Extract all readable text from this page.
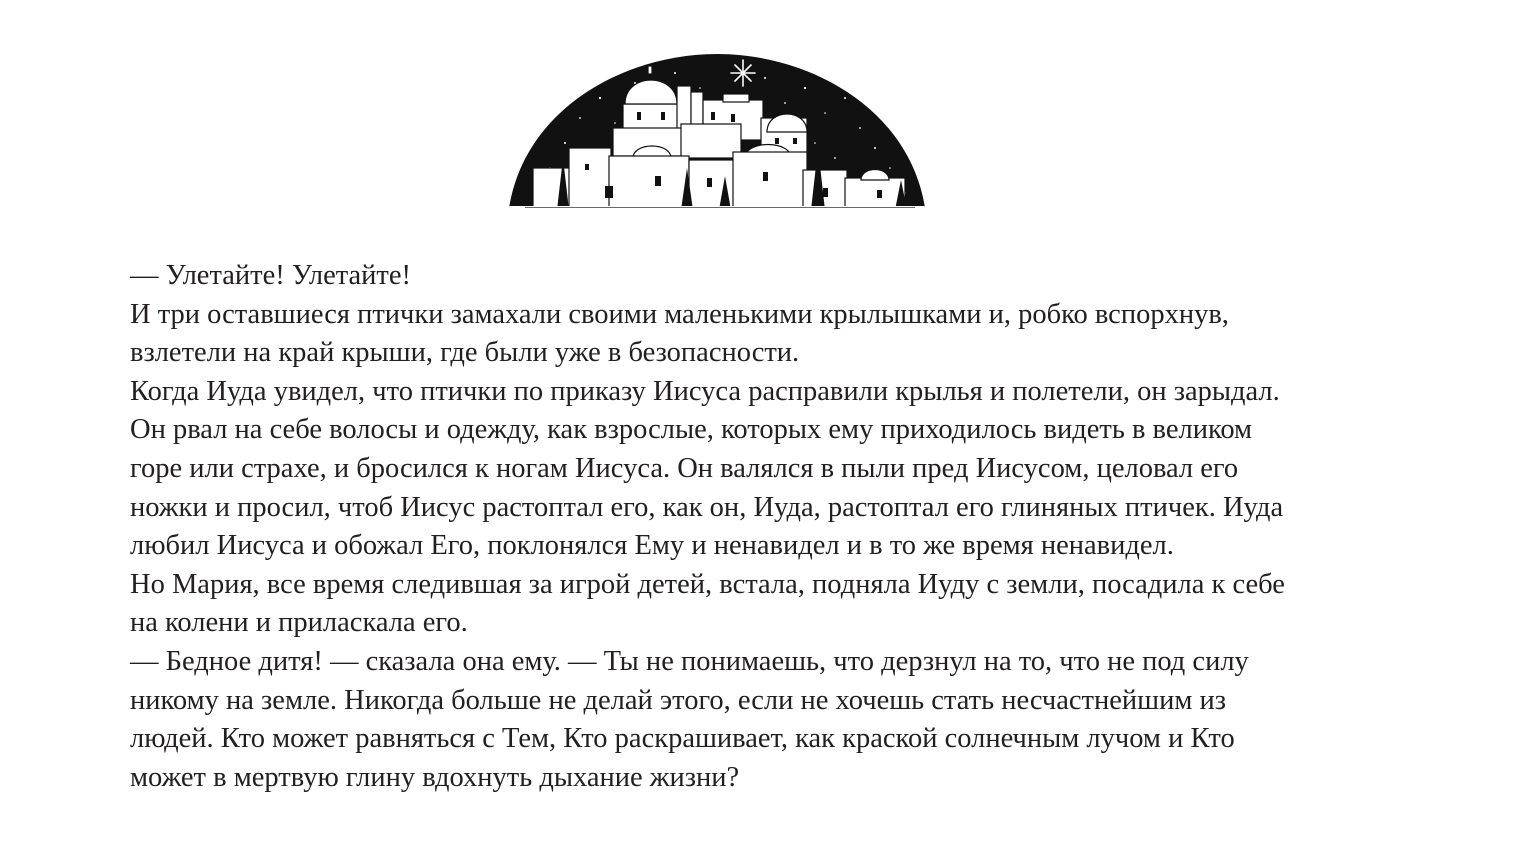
— Улетайте! Улетайте!
И три оставшиеся птички замахали своими маленькими крылышками и, робко вспорхнув,
взлетели на край крыши, где были уже в безопасности.
Когда Иуда увидел, что птички по приказу Иисуса расправили крылья и полетели, он зарыдал.
Он рвал на себе волосы и одежду, как взрослые, которых ему приходилось видеть в великом
горе или страхе, и бросился к ногам Иисуса. Он валялся в пыли пред Иисусом, целовал его
ножки и просил, чтоб Иисус растоптал его, как он, Иуда, растоптал его глиняных птичек. Иуда
любил Иисуса и обожал Его, поклонялся Ему и ненавидел и в то же время ненавидел.
Но Мария, все время следившая за игрой детей, встала, подняла Иуду с земли, посадила к себе
на колени и приласкала его.
— Бедное дитя! — сказала она ему. — Ты не понимаешь, что дерзнул на то, что не под силу
никому на земле. Никогда больше не делай этого, если не хочешь стать несчастнейшим из
людей. Кто может равняться с Тем, Кто раскрашивает, как краской солнечным лучом и Кто
может в мертвую глину вдохнуть дыхание жизни?
